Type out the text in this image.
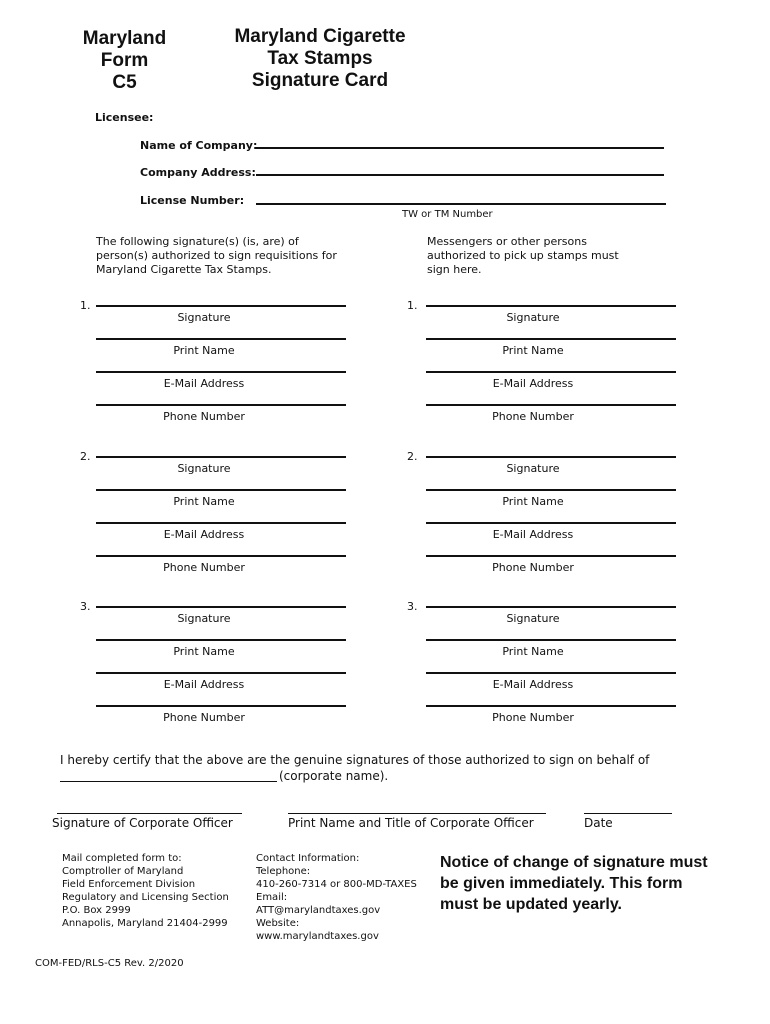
Maryland
Form
C5
Maryland Cigarette
Tax Stamps
Signature Card
Licensee:
Name of Company:
Company Address:
License Number:
TW or TM Number
The following signature(s) (is, are) of
person(s) authorized to sign requisitions for
Maryland Cigarette Tax Stamps.
Messengers or other persons
authorized to pick up stamps must
sign here.
1.
Signature
Print Name
E-Mail Address
Phone Number
1.
Signature
Print Name
E-Mail Address
Phone Number
2.
Signature
Print Name
E-Mail Address
Phone Number
2.
Signature
Print Name
E-Mail Address
Phone Number
3.
Signature
Print Name
E-Mail Address
Phone Number
3.
Signature
Print Name
E-Mail Address
Phone Number
I hereby certify that the above are the genuine signatures of those authorized to sign on behalf of
(corporate name).
Signature of Corporate Officer	Print Name and Title of Corporate Officer	Date
Mail completed form to:
Comptroller of Maryland
Field Enforcement Division
Regulatory and Licensing Section
P.O. Box 2999
Annapolis, Maryland 21404-2999
Contact Information:
Telephone:
410-260-7314 or 800-MD-TAXES
Email:
ATT@marylandtaxes.gov
Website:
www.marylandtaxes.gov
Notice of change of signature must
be given immediately. This form
must be updated yearly.
COM-FED/RLS-C5 Rev. 2/2020
